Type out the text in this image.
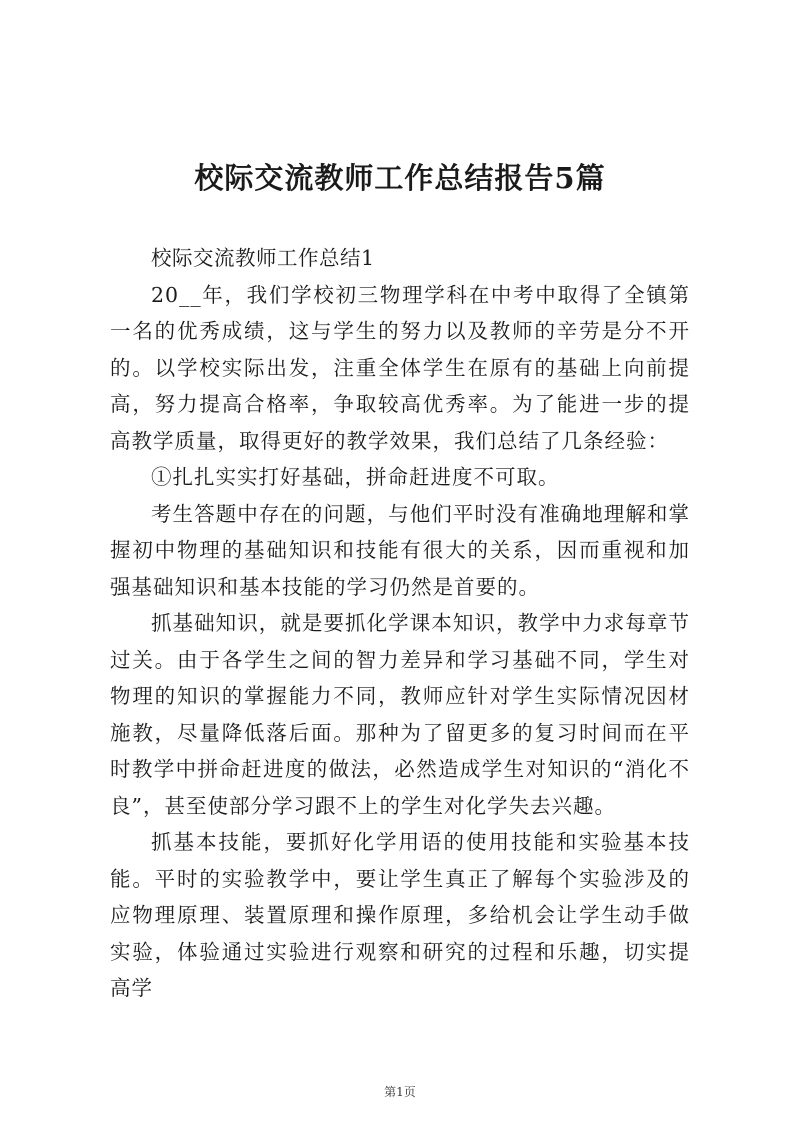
校际交流教师工作总结报告5篇

校际交流教师工作总结1

20__年，我们学校初三物理学科在中考中取得了全镇第一名的优秀成绩，这与学生的努力以及教师的辛劳是分不开的。以学校实际出发，注重全体学生在原有的基础上向前提高，努力提高合格率，争取较高优秀率。为了能进一步的提高教学质量，取得更好的教学效果，我们总结了几条经验：

①扎扎实实打好基础，拼命赶进度不可取。

考生答题中存在的问题，与他们平时没有准确地理解和掌握初中物理的基础知识和技能有很大的关系，因而重视和加强基础知识和基本技能的学习仍然是首要的。

抓基础知识，就是要抓化学课本知识，教学中力求每章节过关。由于各学生之间的智力差异和学习基础不同，学生对物理的知识的掌握能力不同，教师应针对学生实际情况因材施教，尽量降低落后面。那种为了留更多的复习时间而在平时教学中拼命赶进度的做法，必然造成学生对知识的“消化不良”，甚至使部分学习跟不上的学生对化学失去兴趣。

抓基本技能，要抓好化学用语的使用技能和实验基本技能。平时的实验教学中，要让学生真正了解每个实验涉及的应物理原理、装置原理和操作原理，多给机会让学生动手做实验，体验通过实验进行观察和研究的过程和乐趣，切实提高学

第1页
